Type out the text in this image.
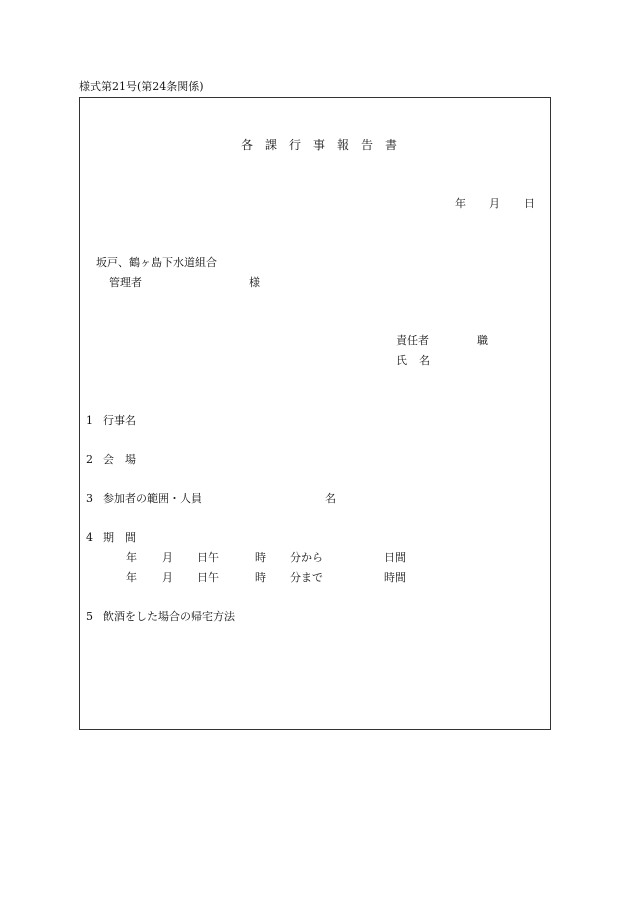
様式第21号(第24条関係)
各 課 行 事 報 告 書
年 月 日
坂戸、鶴ヶ島下水道組合
管理者	様
責任者	職
氏 名
1 行事名
2 会　場
3 参加者の範囲・人員	名
4 期　間
年 月 日午	時 分から	日間
年 月 日午	時 分まで	時間
5 飲酒をした場合の帰宅方法
